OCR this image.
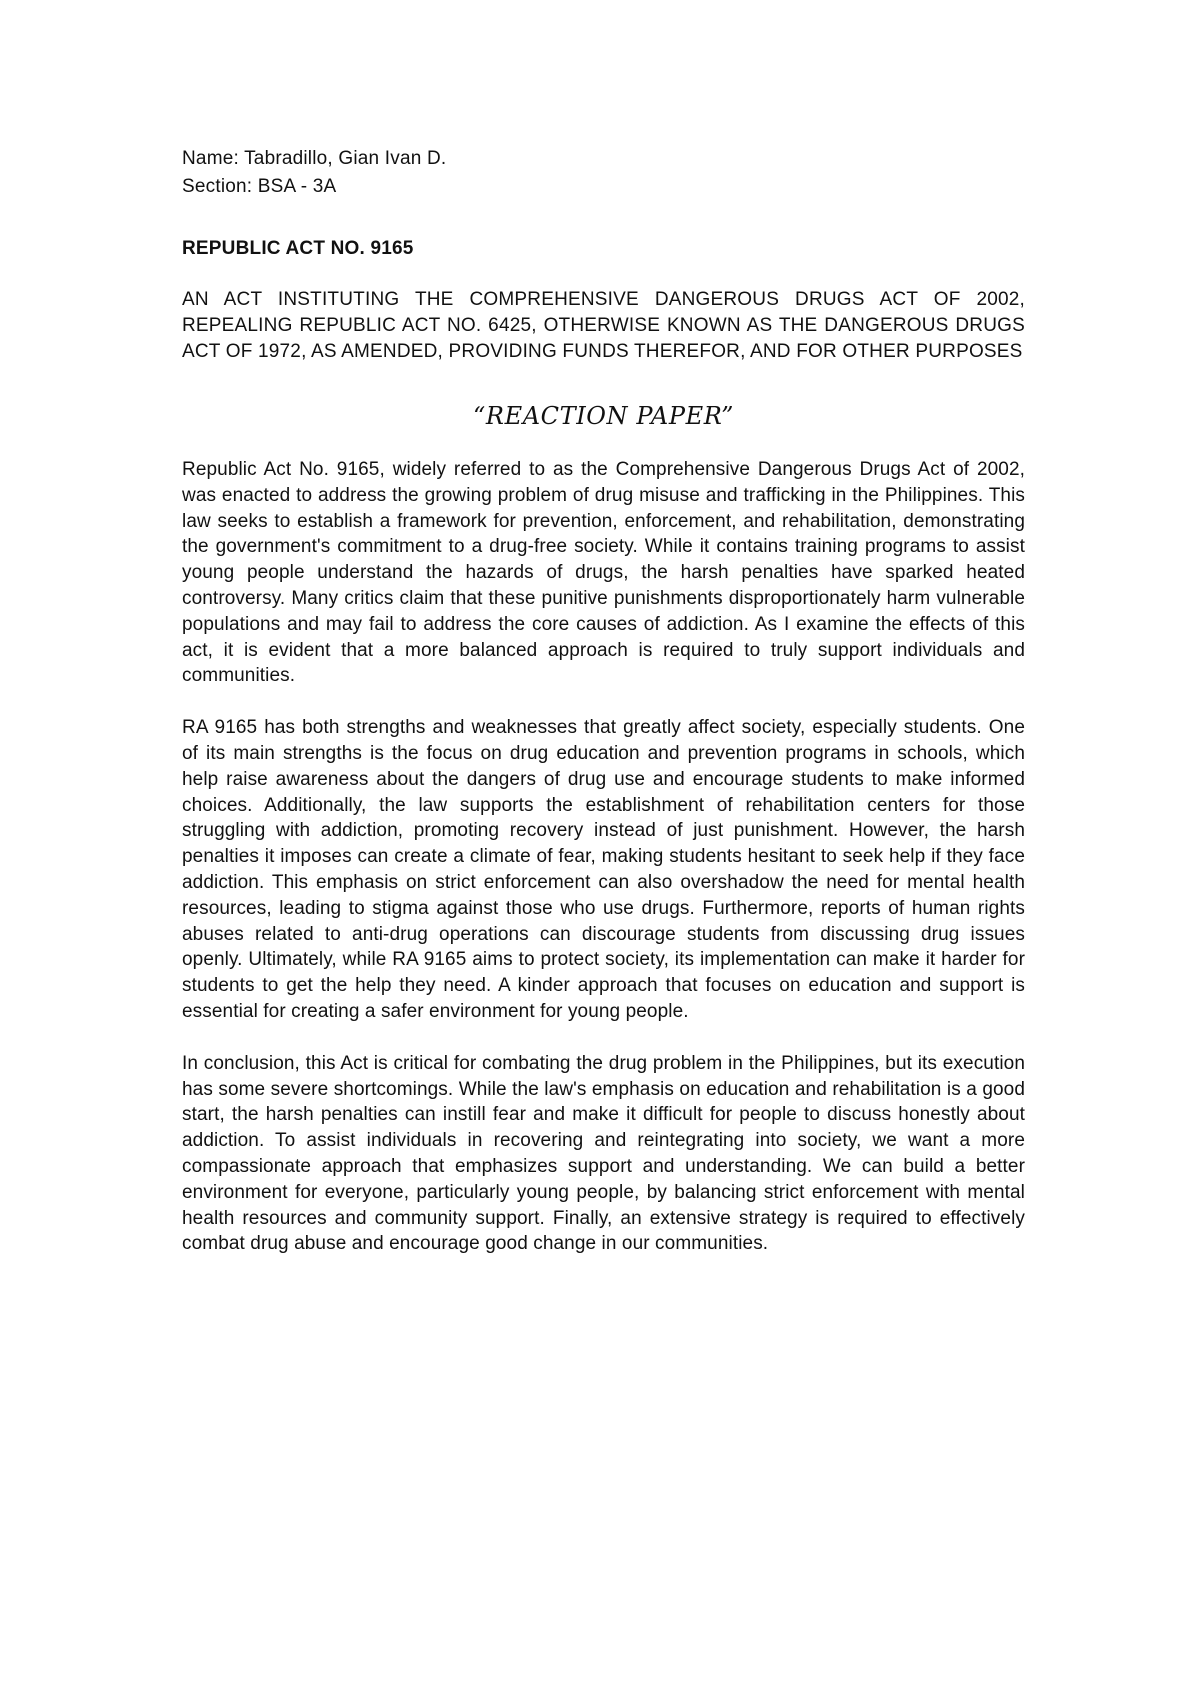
Name: Tabradillo, Gian Ivan D.
Section: BSA - 3A
REPUBLIC ACT NO. 9165
AN ACT INSTITUTING THE COMPREHENSIVE DANGEROUS DRUGS ACT OF 2002, REPEALING REPUBLIC ACT NO. 6425, OTHERWISE KNOWN AS THE DANGEROUS DRUGS ACT OF 1972, AS AMENDED, PROVIDING FUNDS THEREFOR, AND FOR OTHER PURPOSES
“REACTION PAPER”

Republic Act No. 9165, widely referred to as the Comprehensive Dangerous Drugs Act of 2002, was enacted to address the growing problem of drug misuse and trafficking in the Philippines. This law seeks to establish a framework for prevention, enforcement, and rehabilitation, demonstrating the government's commitment to a drug-free society. While it contains training programs to assist young people understand the hazards of drugs, the harsh penalties have sparked heated controversy. Many critics claim that these punitive punishments disproportionately harm vulnerable populations and may fail to address the core causes of addiction. As I examine the effects of this act, it is evident that a more balanced approach is required to truly support individuals and communities.

RA 9165 has both strengths and weaknesses that greatly affect society, especially students. One of its main strengths is the focus on drug education and prevention programs in schools, which help raise awareness about the dangers of drug use and encourage students to make informed choices. Additionally, the law supports the establishment of rehabilitation centers for those struggling with addiction, promoting recovery instead of just punishment. However, the harsh penalties it imposes can create a climate of fear, making students hesitant to seek help if they face addiction. This emphasis on strict enforcement can also overshadow the need for mental health resources, leading to stigma against those who use drugs. Furthermore, reports of human rights abuses related to anti-drug operations can discourage students from discussing drug issues openly. Ultimately, while RA 9165 aims to protect society, its implementation can make it harder for students to get the help they need. A kinder approach that focuses on education and support is essential for creating a safer environment for young people.

In conclusion, this Act is critical for combating the drug problem in the Philippines, but its execution has some severe shortcomings. While the law's emphasis on education and rehabilitation is a good start, the harsh penalties can instill fear and make it difficult for people to discuss honestly about addiction. To assist individuals in recovering and reintegrating into society, we want a more compassionate approach that emphasizes support and understanding. We can build a better environment for everyone, particularly young people, by balancing strict enforcement with mental health resources and community support. Finally, an extensive strategy is required to effectively combat drug abuse and encourage good change in our communities.
